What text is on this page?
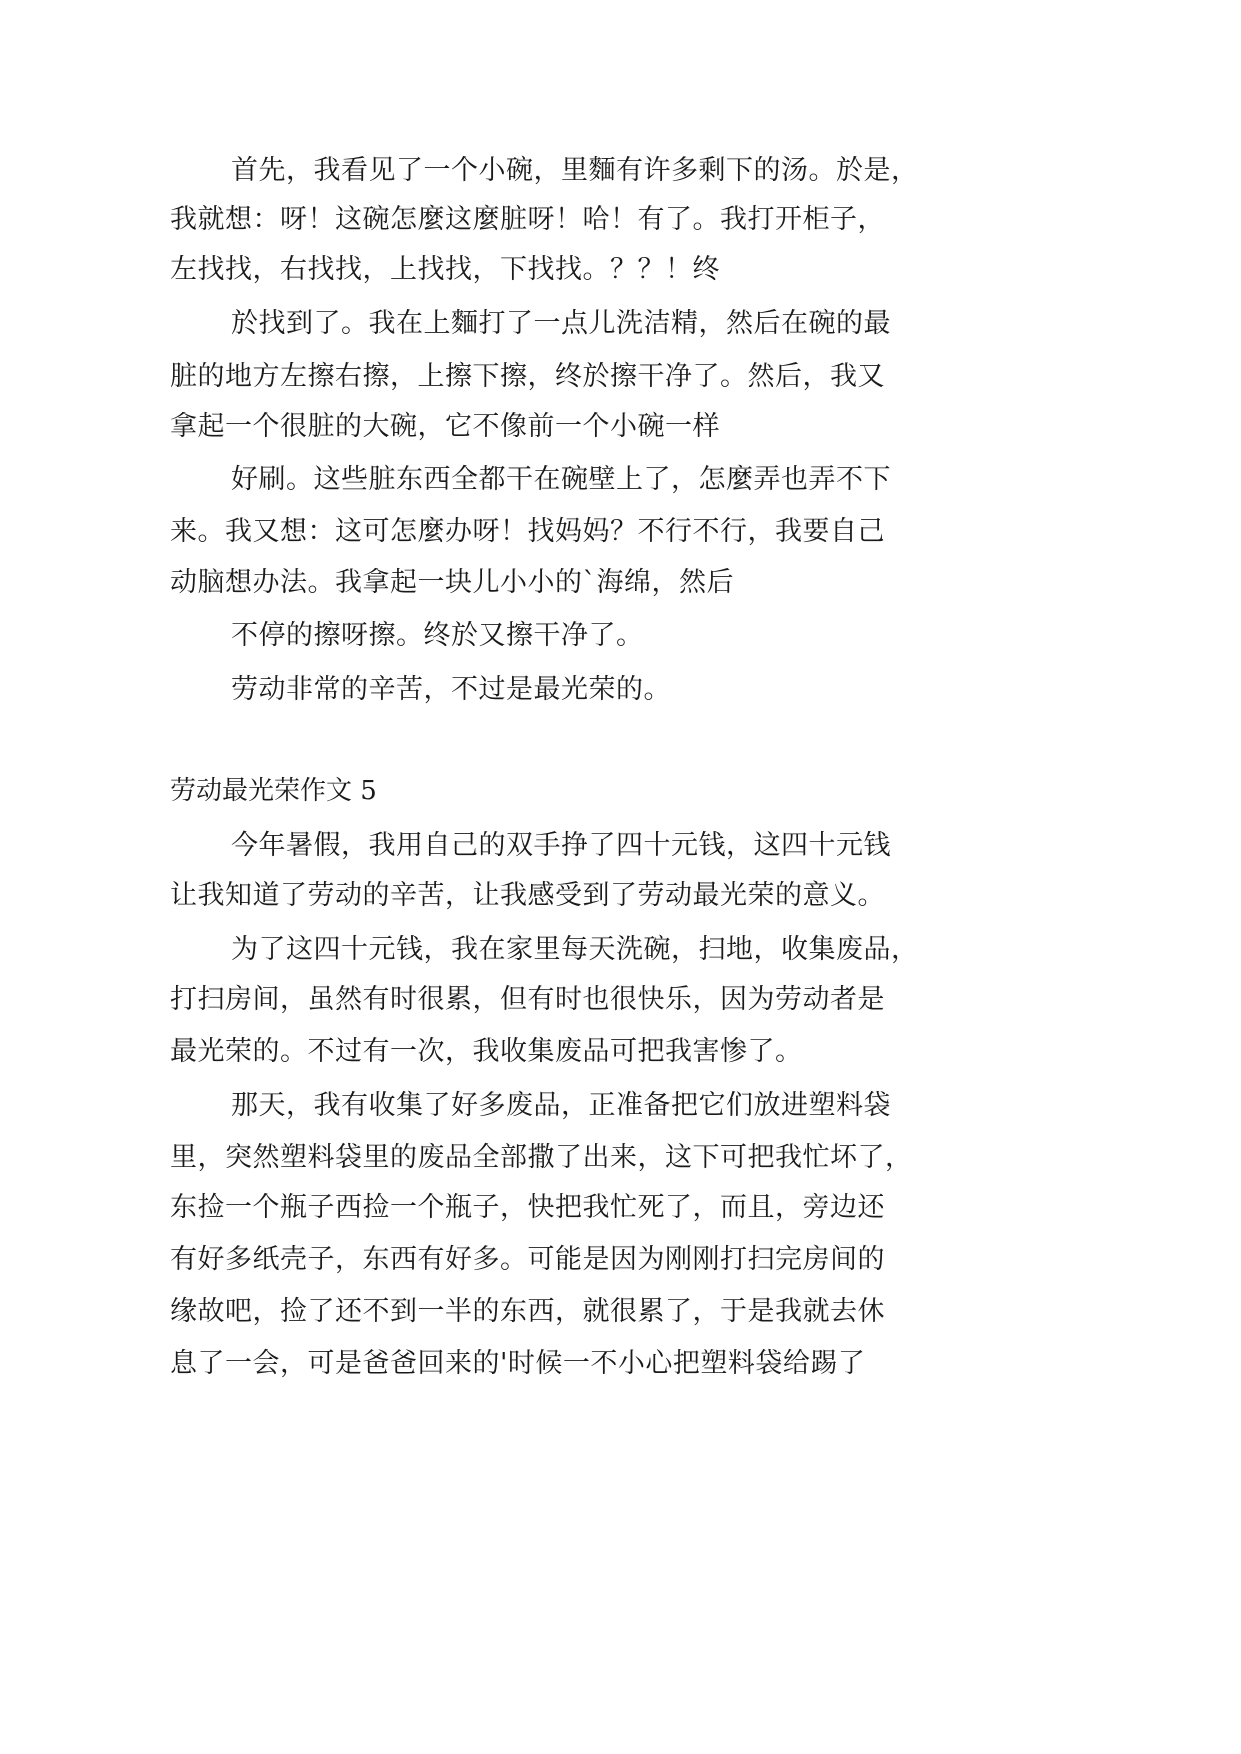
首先，我看见了一个小碗，里麵有许多剩下的汤。於是，
我就想：呀！这碗怎麼这麼脏呀！哈！有了。我打开柜子，
左找找，右找找，上找找，下找找。？？！终
於找到了。我在上麵打了一点儿洗洁精，然后在碗的最
脏的地方左擦右擦，上擦下擦，终於擦干净了。然后，我又
拿起一个很脏的大碗，它不像前一个小碗一样
好刷。这些脏东西全都干在碗壁上了，怎麼弄也弄不下
来。我又想：这可怎麼办呀！找妈妈？不行不行，我要自己
动脑想办法。我拿起一块儿小小的`海绵，然后
不停的擦呀擦。终於又擦干净了。
劳动非常的辛苦，不过是最光荣的。
劳动最光荣作文 5
今年暑假，我用自己的双手挣了四十元钱，这四十元钱
让我知道了劳动的辛苦，让我感受到了劳动最光荣的意义。
为了这四十元钱，我在家里每天洗碗，扫地，收集废品，
打扫房间，虽然有时很累，但有时也很快乐，因为劳动者是
最光荣的。不过有一次，我收集废品可把我害惨了。
那天，我有收集了好多废品，正准备把它们放进塑料袋
里，突然塑料袋里的废品全部撒了出来，这下可把我忙坏了，
东捡一个瓶子西捡一个瓶子，快把我忙死了，而且，旁边还
有好多纸壳子，东西有好多。可能是因为刚刚打扫完房间的
缘故吧，捡了还不到一半的东西，就很累了，于是我就去休
息了一会，可是爸爸回来的'时候一不小心把塑料袋给踢了
